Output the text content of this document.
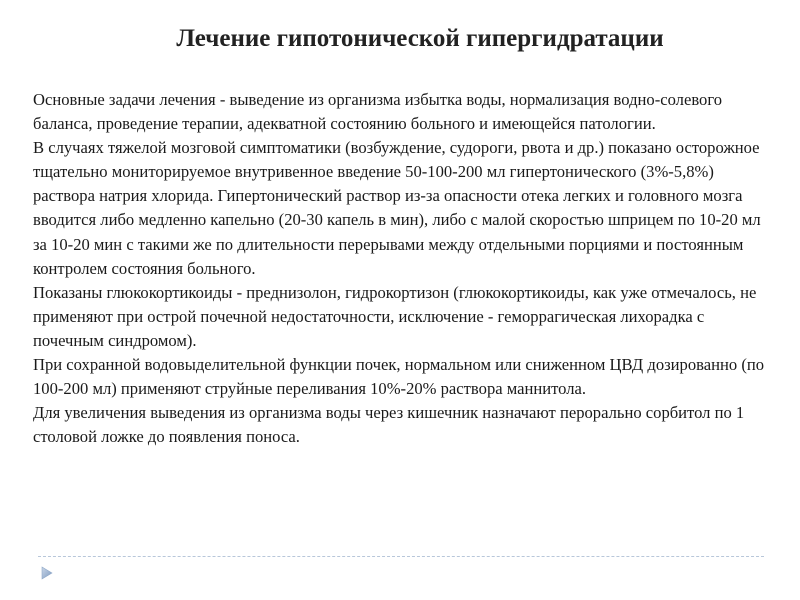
Лечение гипотонической гипергидратации

Основные задачи лечения - выведение из организма избытка воды, нормализация водно-солевого баланса, проведение терапии, адекватной состоянию больного и имеющейся патологии.

В случаях тяжелой мозговой симптоматики (возбуждение, судороги, рвота и др.) показано осторожное тщательно мониторируемое внутривенное введение 50-100-200 мл гипертонического (3%-5,8%) раствора натрия хлорида. Гипертонический раствор из-за опасности отека легких и головного мозга вводится либо медленно капельно (20-30 капель в мин), либо с малой скоростью шприцем по 10-20 мл за 10-20 мин с такими же по длительности перерывами между отдельными порциями и постоянным контролем состояния больного.

Показаны глюкокортикоиды - преднизолон, гидрокортизон (глюкокортикоиды, как уже отмечалось, не применяют при острой почечной недостаточности, исключение - геморрагическая лихорадка с почечным синдромом).

При сохранной водовыделительной функции почек, нормальном или сниженном ЦВД дозированно (по 100-200 мл) применяют струйные переливания 10%-20% раствора маннитола.

Для увеличения выведения из организма воды через кишечник назначают перорально сорбитол по 1 столовой ложке до появления поноса.
